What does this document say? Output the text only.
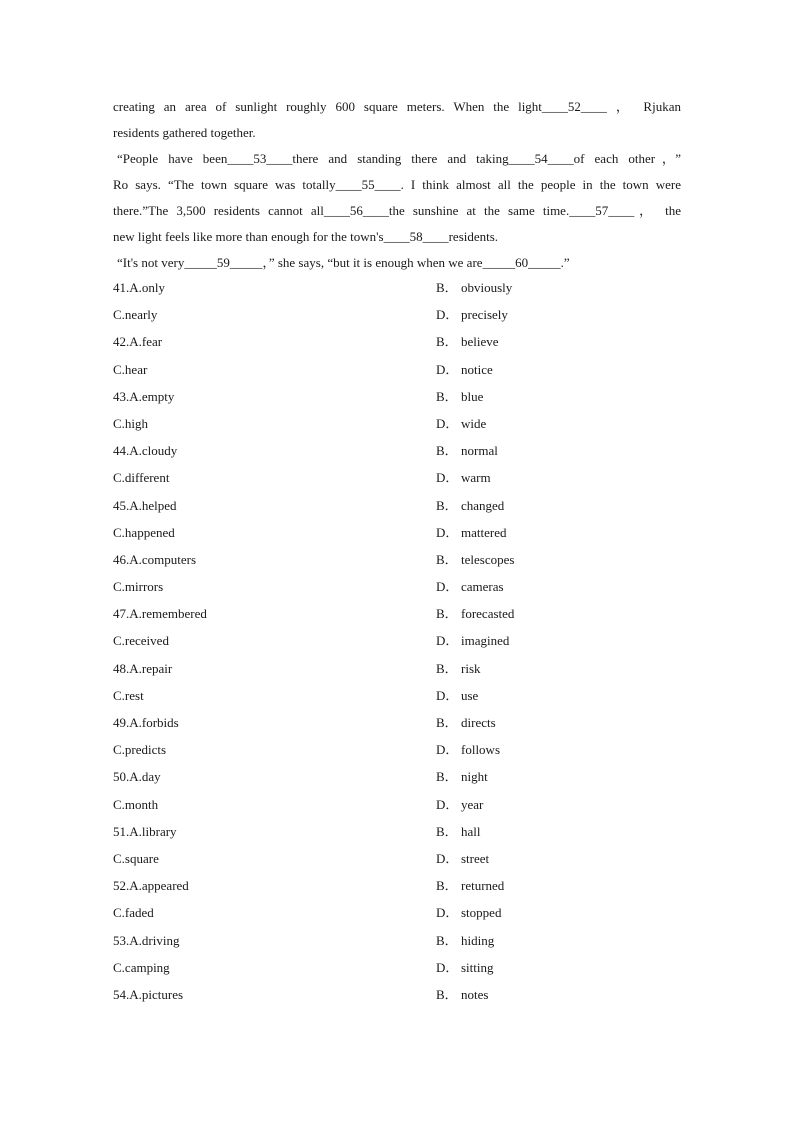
creating an area of sunlight roughly 600 square meters. When the light____52____ ， Rjukan
residents gathered together.
“People have been____53____there and standing there and taking____54____of each other，”
Ro says. “The town square was totally____55____. I think almost all the people in the town were
there.”The 3,500 residents cannot all____56____the sunshine at the same time.____57____， the
new light feels like more than enough for the town's____58____residents.
“It's not very_____59_____，” she says, “but it is enough when we are_____60_____.”
41.A.only	B． obviously
C.nearly	D． precisely
42.A.fear	B． believe
C.hear	D． notice
43.A.empty	B． blue
C.high	D． wide
44.A.cloudy	B． normal
C.different	D． warm
45.A.helped	B． changed
C.happened	D． mattered
46.A.computers	B． telescopes
C.mirrors	D． cameras
47.A.remembered	B． forecasted
C.received	D． imagined
48.A.repair	B． risk
C.rest	D． use
49.A.forbids	B． directs
C.predicts	D． follows
50.A.day	B． night
C.month	D． year
51.A.library	B． hall
C.square	D． street
52.A.appeared	B． returned
C.faded	D． stopped
53.A.driving	B． hiding
C.camping	D． sitting
54.A.pictures	B． notes
